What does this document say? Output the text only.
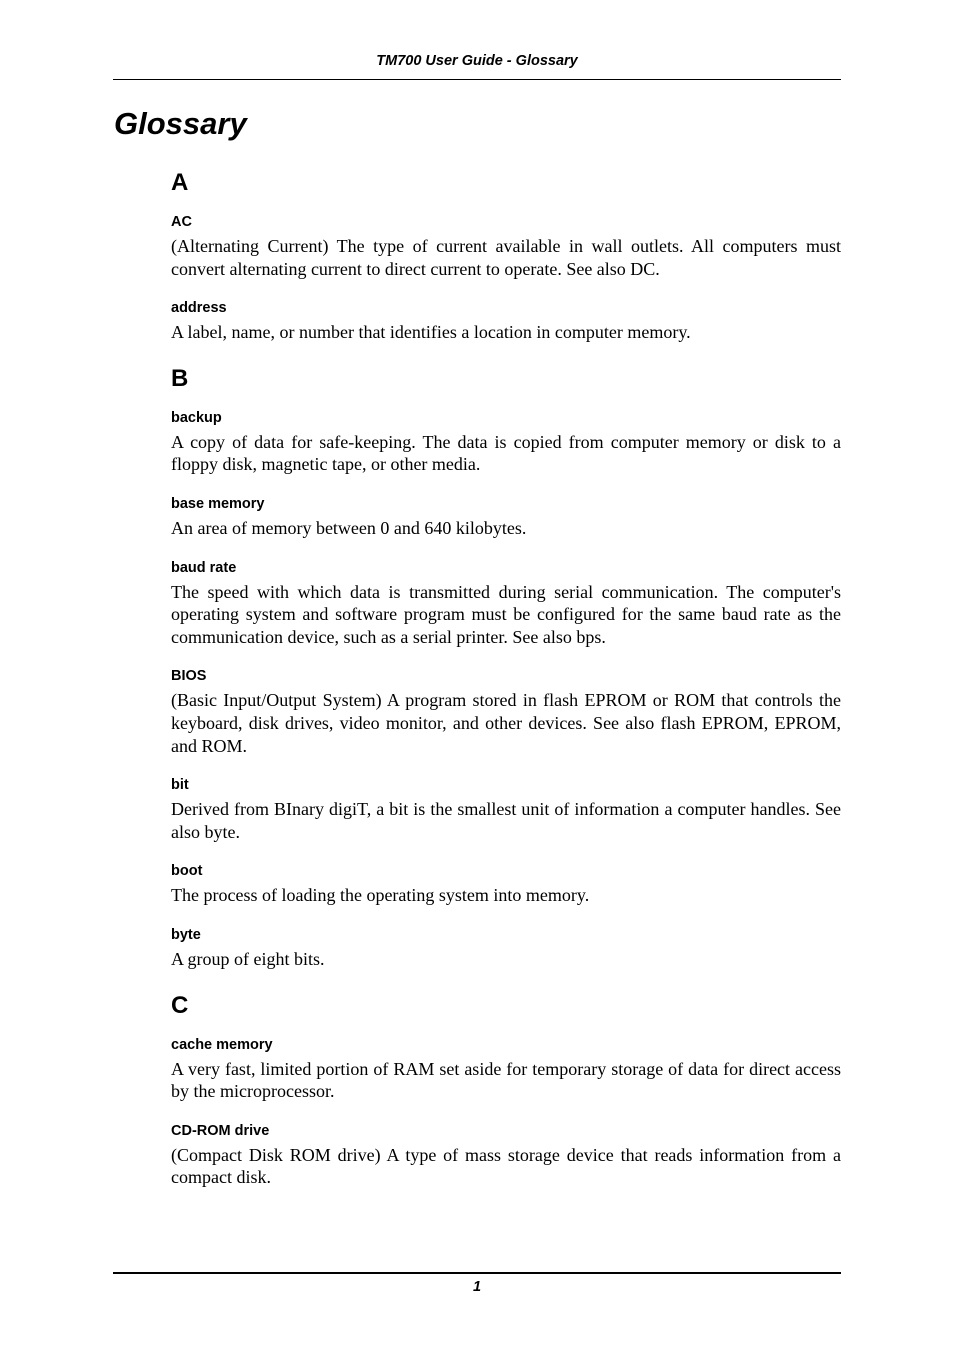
TM700 User Guide - Glossary
Glossary
A
AC

(Alternating Current) The type of current available in wall outlets. All computers must convert alternating current to direct current to operate. See also DC.

address

A label, name, or number that identifies a location in computer memory.

B
backup

A copy of data for safe-keeping. The data is copied from computer memory or disk to a floppy disk, magnetic tape, or other media.

base memory

An area of memory between 0 and 640 kilobytes.

baud rate

The speed with which data is transmitted during serial communication. The computer's operating system and software program must be configured for the same baud rate as the communication device, such as a serial printer. See also bps.

BIOS

(Basic Input/Output System) A program stored in flash EPROM or ROM that controls the keyboard, disk drives, video monitor, and other devices. See also flash EPROM, EPROM, and ROM.

bit

Derived from BInary digiT, a bit is the smallest unit of information a computer handles. See also byte.

boot

The process of loading the operating system into memory.

byte

A group of eight bits.

C
cache memory

A very fast, limited portion of RAM set aside for temporary storage of data for direct access by the microprocessor.

CD-ROM drive

(Compact Disk ROM drive) A type of mass storage device that reads information from a compact disk.

1
